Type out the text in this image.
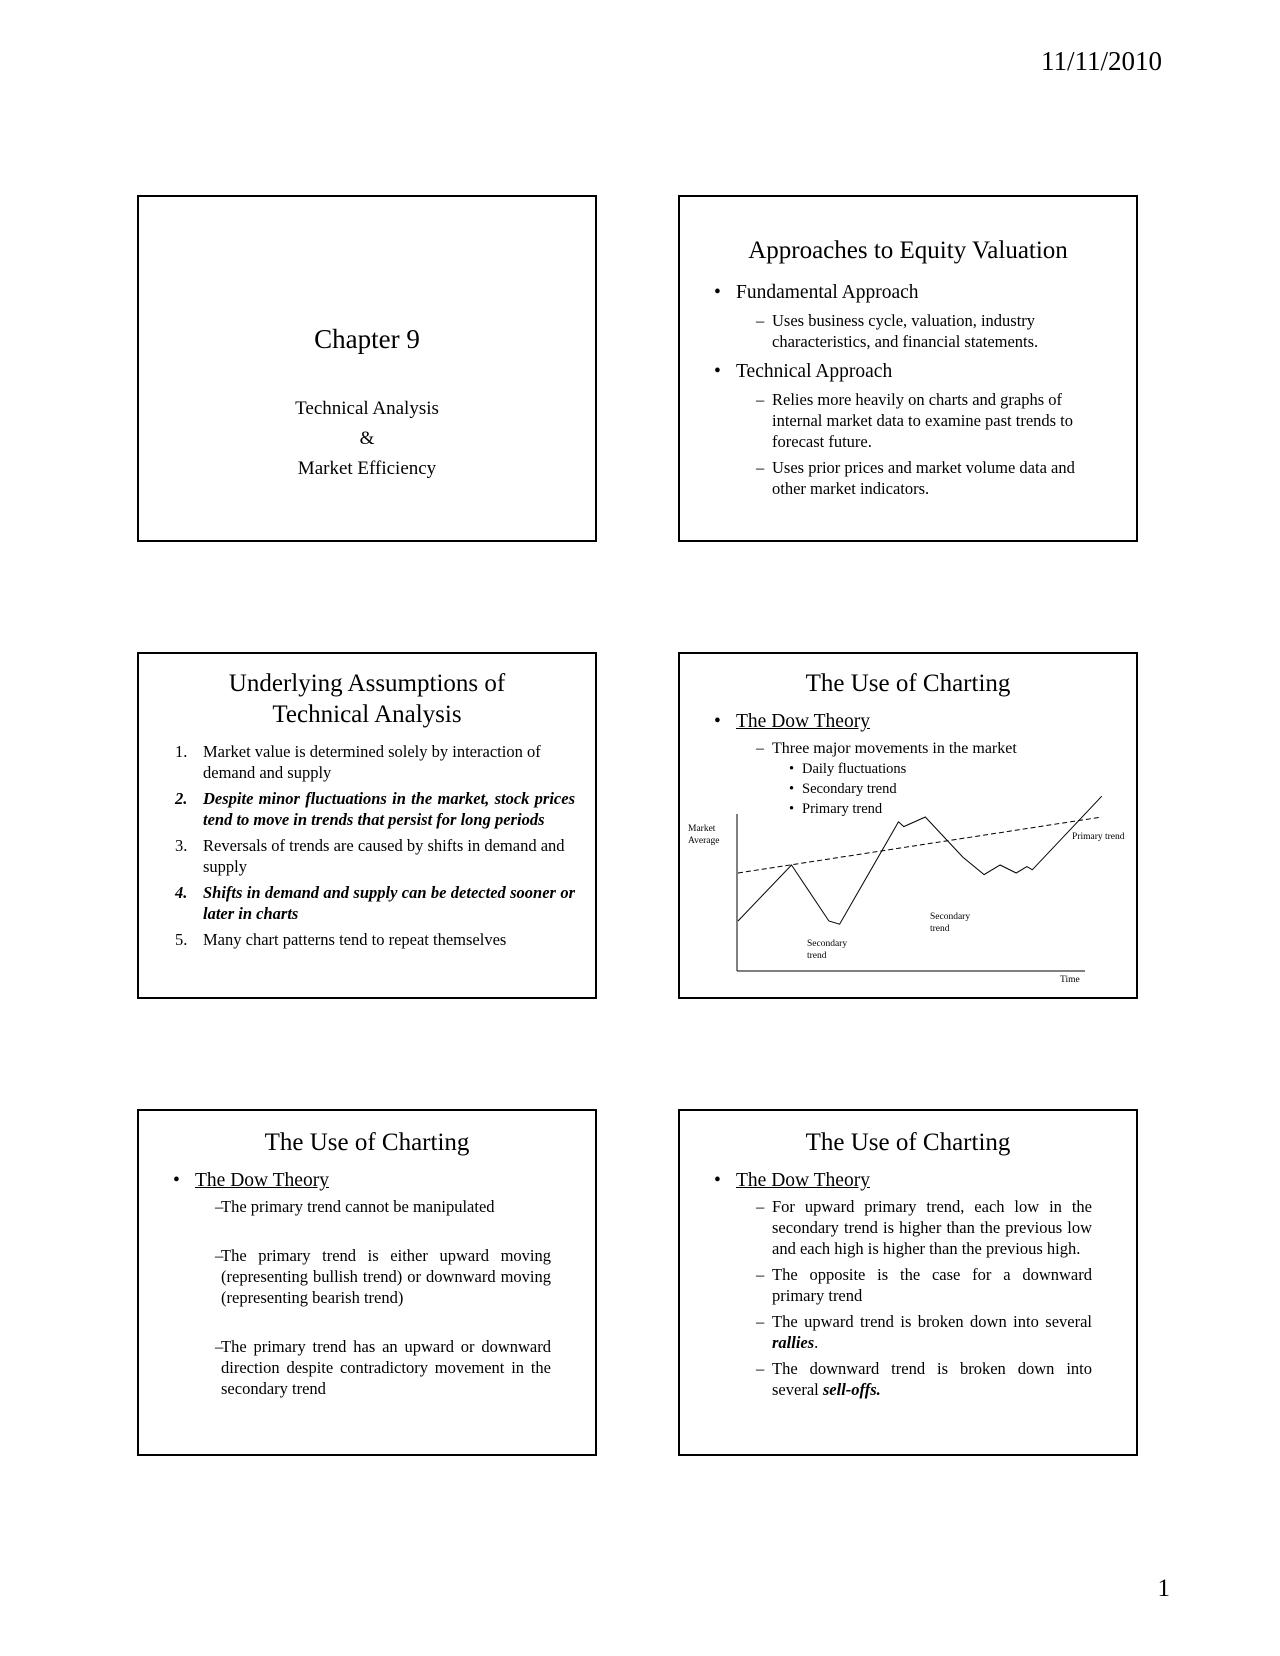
11/11/2010
Chapter 9
Technical Analysis
&
Market Efficiency
Approaches to Equity Valuation
• Fundamental Approach
– Uses business cycle, valuation, industry characteristics, and financial statements.
• Technical Approach
– Relies more heavily on charts and graphs of internal market data to examine past trends to forecast future.
– Uses prior prices and market volume data and other market indicators.
Underlying Assumptions of
Technical Analysis
1. Market value is determined solely by interaction of demand and supply
2. Despite minor fluctuations in the market, stock prices tend to move in trends that persist for long periods
3. Reversals of trends are caused by shifts in demand and supply
4. Shifts in demand and supply can be detected sooner or later in charts
5. Many chart patterns tend to repeat themselves
The Use of Charting
• The Dow Theory
– Three major movements in the market
• Daily fluctuations
• Secondary trend
• Primary trend
Market Average
Time
Primary trend
Secondary trend
Secondary trend
The Use of Charting
• The Dow Theory
– The primary trend cannot be manipulated
– The primary trend is either upward moving (representing bullish trend) or downward moving (representing bearish trend)
– The primary trend has an upward or downward direction despite contradictory movement in the secondary trend
The Use of Charting
• The Dow Theory
– For upward primary trend, each low in the secondary trend is higher than the previous low and each high is higher than the previous high.
– The opposite is the case for a downward primary trend
– The upward trend is broken down into several rallies.
– The downward trend is broken down into several sell-offs.
1
